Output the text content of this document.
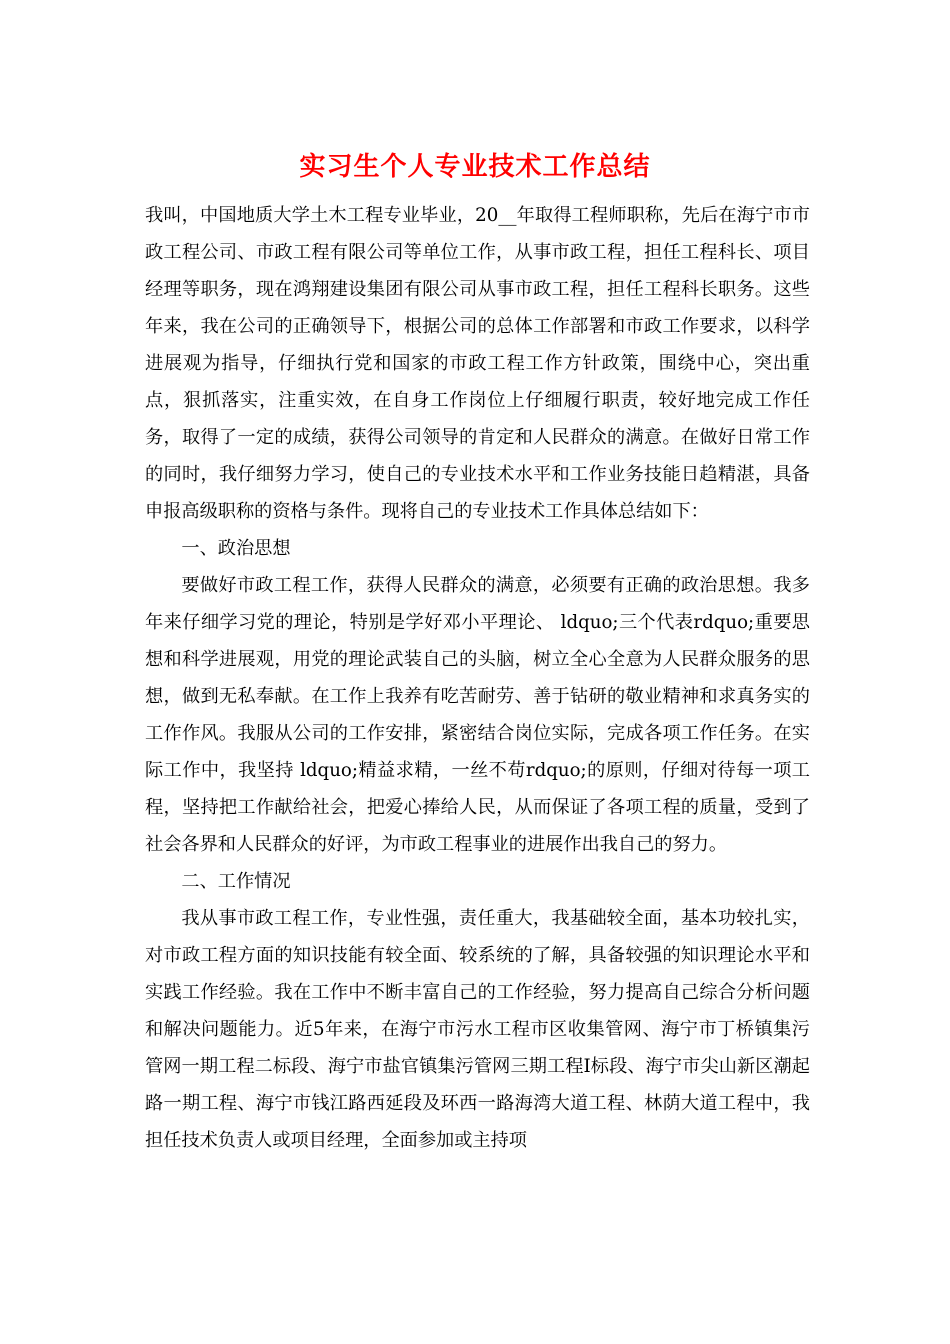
实习生个人专业技术工作总结

我叫，中国地质大学土木工程专业毕业，20__年取得工程师职称，先后在海宁市市政工程公司、市政工程有限公司等单位工作，从事市政工程，担任工程科长、项目经理等职务，现在鸿翔建设集团有限公司从事市政工程，担任工程科长职务。这些年来，我在公司的正确领导下，根据公司的总体工作部署和市政工作要求，以科学进展观为指导，仔细执行党和国家的市政工程工作方针政策，围绕中心，突出重点，狠抓落实，注重实效，在自身工作岗位上仔细履行职责，较好地完成工作任务，取得了一定的成绩，获得公司领导的肯定和人民群众的满意。在做好日常工作的同时，我仔细努力学习，使自己的专业技术水平和工作业务技能日趋精湛，具备申报高级职称的资格与条件。现将自己的专业技术工作具体总结如下：

一、政治思想

要做好市政工程工作，获得人民群众的满意，必须要有正确的政治思想。我多年来仔细学习党的理论，特别是学好邓小平理论、 ldquo;三个代表rdquo;重要思想和科学进展观，用党的理论武装自己的头脑，树立全心全意为人民群众服务的思想，做到无私奉献。在工作上我养有吃苦耐劳、善于钻研的敬业精神和求真务实的工作作风。我服从公司的工作安排，紧密结合岗位实际，完成各项工作任务。在实际工作中，我坚持 ldquo;精益求精，一丝不苟rdquo;的原则，仔细对待每一项工程，坚持把工作献给社会，把爱心捧给人民，从而保证了各项工程的质量，受到了社会各界和人民群众的好评，为市政工程事业的进展作出我自己的努力。

二、工作情况

我从事市政工程工作，专业性强，责任重大，我基础较全面，基本功较扎实，对市政工程方面的知识技能有较全面、较系统的了解，具备较强的知识理论水平和实践工作经验。我在工作中不断丰富自己的工作经验，努力提高自己综合分析问题和解决问题能力。近5年来，在海宁市污水工程市区收集管网、海宁市丁桥镇集污管网一期工程二标段、海宁市盐官镇集污管网三期工程Ⅰ标段、海宁市尖山新区潮起路一期工程、海宁市钱江路西延段及环西一路海湾大道工程、林荫大道工程中，我担任技术负责人或项目经理，全面参加或主持项
